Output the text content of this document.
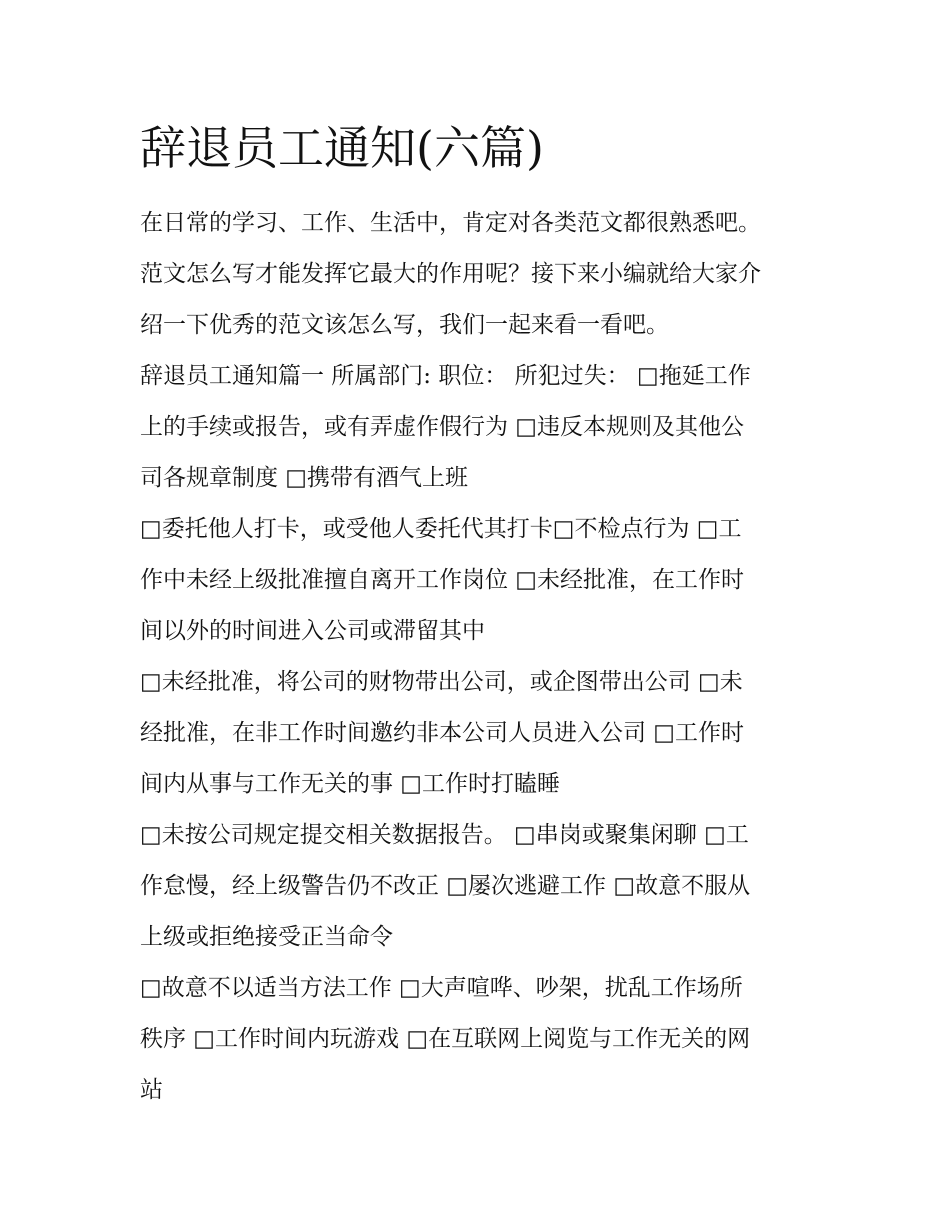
辞退员工通知(六篇)

在日常的学习、工作、生活中，肯定对各类范文都很熟悉吧。

范文怎么写才能发挥它最大的作用呢？接下来小编就给大家介

绍一下优秀的范文该怎么写，我们一起来看一看吧。

辞退员工通知篇一 所属部门: 职位： 所犯过失： □拖延工作

上的手续或报告，或有弄虚作假行为 □违反本规则及其他公

司各规章制度 □携带有酒气上班

□委托他人打卡，或受他人委托代其打卡□不检点行为 □工

作中未经上级批准擅自离开工作岗位 □未经批准，在工作时

间以外的时间进入公司或滞留其中

□未经批准，将公司的财物带出公司，或企图带出公司 □未

经批准，在非工作时间邀约非本公司人员进入公司 □工作时

间内从事与工作无关的事 □工作时打瞌睡

□未按公司规定提交相关数据报告。 □串岗或聚集闲聊 □工

作怠慢，经上级警告仍不改正 □屡次逃避工作 □故意不服从

上级或拒绝接受正当命令

□故意不以适当方法工作 □大声喧哗、吵架，扰乱工作场所

秩序 □工作时间内玩游戏 □在互联网上阅览与工作无关的网

站
